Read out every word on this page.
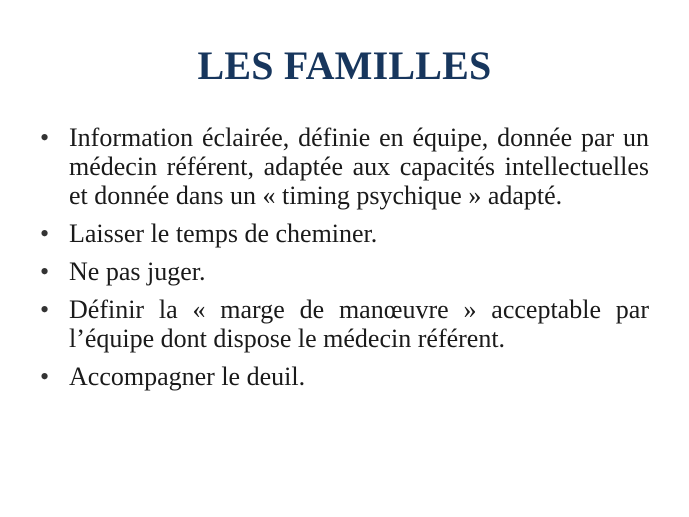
LES FAMILLES
• Information éclairée, définie en équipe, donnée par un médecin référent, adaptée aux capacités intellectuelles et donnée dans un « timing psychique » adapté.
• Laisser le temps de cheminer.
• Ne pas juger.
• Définir la « marge de manœuvre » acceptable par l’équipe dont dispose le médecin référent.
• Accompagner le deuil.
